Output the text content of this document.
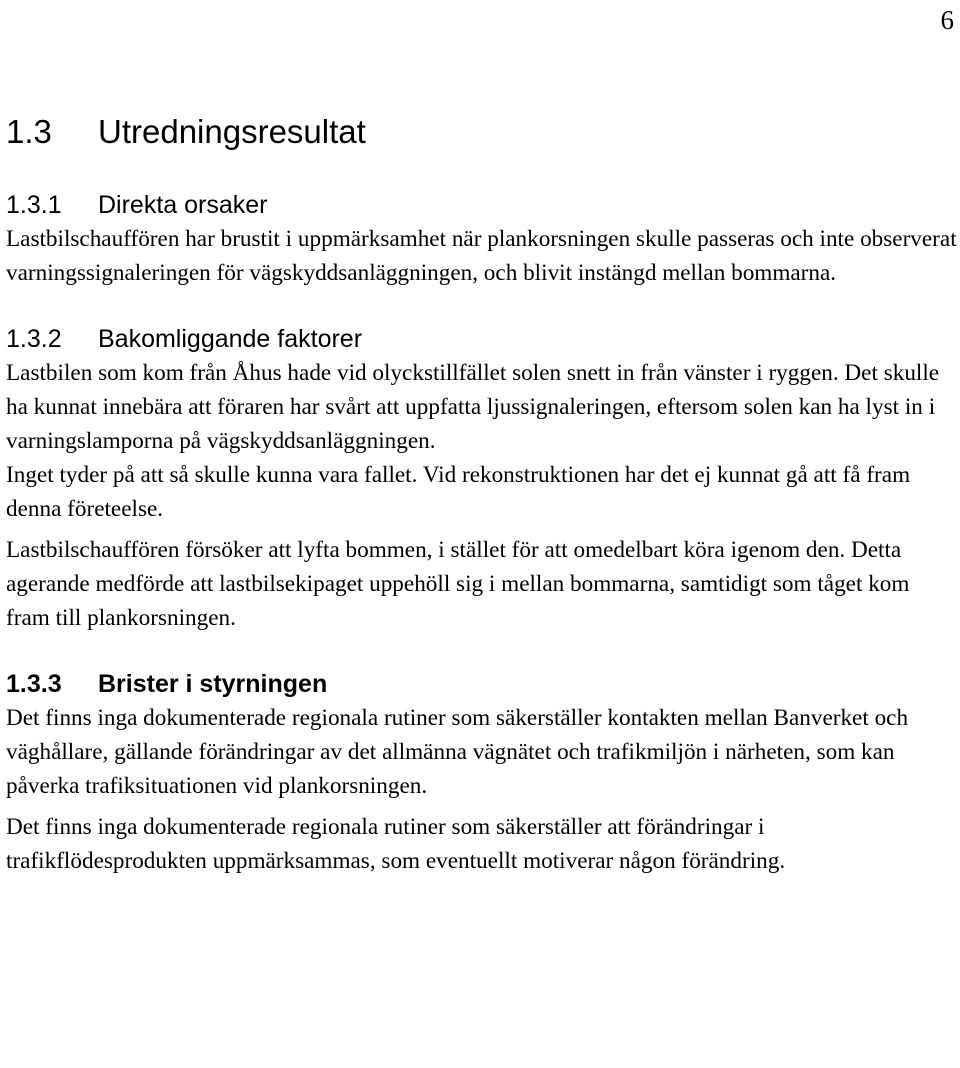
6
1.3	Utredningsresultat
1.3.1	Direkta orsaker

Lastbilschauffören har brustit i uppmärksamhet när plankorsningen skulle passeras och inte observerat varningssignaleringen för vägskyddsanläggningen, och blivit instängd mellan bommarna.

1.3.2	Bakomliggande faktorer

Lastbilen som kom från Åhus hade vid olyckstillfället solen snett in från vänster i ryggen. Det skulle ha kunnat innebära att föraren har svårt att uppfatta ljussignaleringen, eftersom solen kan ha lyst in i varningslamporna på vägskyddsanläggningen.

Inget tyder på att så skulle kunna vara fallet. Vid rekonstruktionen har det ej kunnat gå att få fram denna företeelse.

Lastbilschauffören försöker att lyfta bommen, i stället för att omedelbart köra igenom den. Detta agerande medförde att lastbilsekipaget uppehöll sig i mellan bommarna, samtidigt som tåget kom fram till plankorsningen.

1.3.3	Brister i styrningen

Det finns inga dokumenterade regionala rutiner som säkerställer kontakten mellan Banverket och väghållare, gällande förändringar av det allmänna vägnätet och trafikmiljön i närheten, som kan påverka trafiksituationen vid plankorsningen.

Det finns inga dokumenterade regionala rutiner som säkerställer att förändringar i trafikflödesprodukten uppmärksammas, som eventuellt motiverar någon förändring.
